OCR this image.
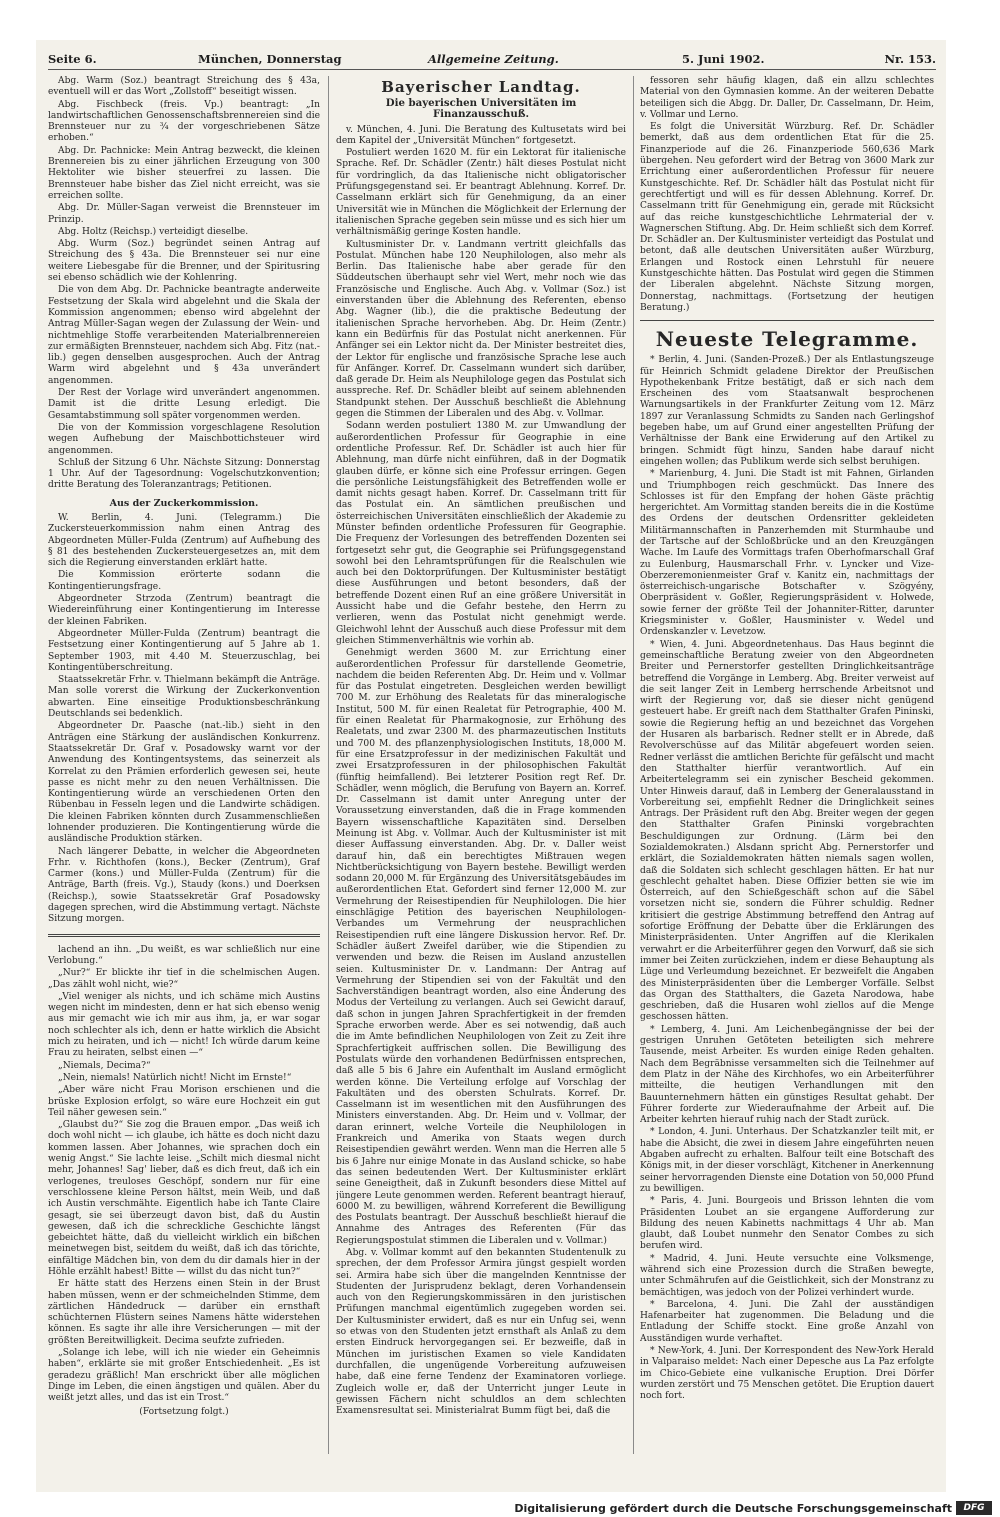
Seite 6.	München, Donnerstag	Allgemeine Zeitung.	5. Juni 1902.	Nr. 153.

Abg. Warm (Soz.) beantragt Streichung des § 43a, eventuell will er das Wort „Zollstoff“ beseitigt wissen.

Abg. Fischbeck (freis. Vp.) beantragt: „In landwirtschaftlichen Genossenschaftsbrennereien sind die Brennsteuer nur zu ¾ der vorgeschriebenen Sätze erhoben.“

Abg. Dr. Pachnicke: Mein Antrag bezweckt, die kleinen Brennereien bis zu einer jährlichen Erzeugung von 300 Hektoliter wie bisher steuerfrei zu lassen. Die Brennsteuer habe bisher das Ziel nicht erreicht, was sie erreichen sollte.

Abg. Dr. Müller-Sagan verweist die Brennsteuer im Prinzip.

Abg. Holtz (Reichsp.) verteidigt dieselbe.

Abg. Wurm (Soz.) begründet seinen Antrag auf Streichung des § 43a. Die Brennsteuer sei nur eine weitere Liebesgabe für die Brenner, und der Spiritusring sei ebenso schädlich wie der Kohlenring.

Die von dem Abg. Dr. Pachnicke beantragte anderweite Festsetzung der Skala wird abgelehnt und die Skala der Kommission angenommen; ebenso wird abgelehnt der Antrag Müller-Sagan wegen der Zulassung der Wein- und nichtmehlige Stoffe verarbeitenden Materialbrennereien zur ermäßigten Brennsteuer, nachdem sich Abg. Fitz (nat.-lib.) gegen denselben ausgesprochen. Auch der Antrag Warm wird abgelehnt und § 43a unverändert angenommen.

Der Rest der Vorlage wird unverändert angenommen. Damit ist die dritte Lesung erledigt. Die Gesamtabstimmung soll später vorgenommen werden.

Die von der Kommission vorgeschlagene Resolution wegen Aufhebung der Maischbottichsteuer wird angenommen.

Schluß der Sitzung 6 Uhr. Nächste Sitzung: Donnerstag 1 Uhr. Auf der Tagesordnung: Vogelschutzkonvention; dritte Beratung des Toleranzantrags; Petitionen.

Aus der Zuckerkommission.

W. Berlin, 4. Juni. (Telegramm.) Die Zuckersteuerkommission nahm einen Antrag des Abgeordneten Müller-Fulda (Zentrum) auf Aufhebung des § 81 des bestehenden Zuckersteuergesetzes an, mit dem sich die Regierung einverstanden erklärt hatte.

Die Kommission erörterte sodann die Kontingentierungsfrage.

Abgeordneter Strzoda (Zentrum) beantragt die Wiedereinführung einer Kontingentierung im Interesse der kleinen Fabriken.

Abgeordneter Müller-Fulda (Zentrum) beantragt die Festsetzung einer Kontingentierung auf 5 Jahre ab 1. September 1903, mit 4.40 M. Steuerzuschlag, bei Kontingentüberschreitung.

Staatssekretär Frhr. v. Thielmann bekämpft die Anträge. Man solle vorerst die Wirkung der Zuckerkonvention abwarten. Eine einseitige Produktionsbeschränkung Deutschlands sei bedenklich.

Abgeordneter Dr. Paasche (nat.-lib.) sieht in den Anträgen eine Stärkung der ausländischen Konkurrenz. Staatssekretär Dr. Graf v. Posadowsky warnt vor der Anwendung des Kontingentsystems, das seinerzeit als Korrelat zu den Prämien erforderlich gewesen sei, heute passe es nicht mehr zu den neuen Verhältnissen. Die Kontingentierung würde an verschiedenen Orten den Rübenbau in Fesseln legen und die Landwirte schädigen. Die kleinen Fabriken könnten durch Zusammenschließen lohnender produzieren. Die Kontingentierung würde die ausländische Produktion stärken.

Nach längerer Debatte, in welcher die Abgeordneten Frhr. v. Richthofen (kons.), Becker (Zentrum), Graf Carmer (kons.) und Müller-Fulda (Zentrum) für die Anträge, Barth (freis. Vg.), Staudy (kons.) und Doerksen (Reichsp.), sowie Staatssekretär Graf Posadowsky dagegen sprechen, wird die Abstimmung vertagt. Nächste Sitzung morgen.

lachend an ihn. „Du weißt, es war schließlich nur eine Verlobung.“

„Nur?“ Er blickte ihr tief in die schelmischen Augen. „Das zählt wohl nicht, wie?“

„Viel weniger als nichts, und ich schäme mich Austins wegen nicht im mindesten, denn er hat sich ebenso wenig aus mir gemacht wie ich mir aus ihm, ja, er war sogar noch schlechter als ich, denn er hatte wirklich die Absicht mich zu heiraten, und ich — nicht! Ich würde darum keine Frau zu heiraten, selbst einen —“

„Niemals, Decima?“

„Nein, niemals! Natürlich nicht! Nicht im Ernste!“

„Aber wäre nicht Frau Morison erschienen und die brüske Explosion erfolgt, so wäre eure Hochzeit ein gut Teil näher gewesen sein.“

„Glaubst du?“ Sie zog die Brauen empor. „Das weiß ich doch wohl nicht — ich glaube, ich hätte es doch nicht dazu kommen lassen. Aber Johannes, wie sprachen doch ein wenig Angst.“ Sie lachte leise. „Schilt mich diesmal nicht mehr, Johannes! Sag' lieber, daß es dich freut, daß ich ein verlogenes, treuloses Geschöpf, sondern nur für eine verschlossene kleine Person hältst, mein Weib, und daß ich Austin verschmähte. Eigentlich habe ich Tante Claire gesagt, sie sei überzeugt davon bist, daß du Austin gewesen, daß ich die schreckliche Geschichte längst gebeichtet hätte, daß du vielleicht wirklich ein bißchen meinetwegen bist, seitdem du weißt, daß ich das törichte, einfältige Mädchen bin, von dem du dir damals hier in der Höhle erzählt habest! Bitte — willst du das nicht tun?“

Er hätte statt des Herzens einen Stein in der Brust haben müssen, wenn er der schmeichelnden Stimme, dem zärtlichen Händedruck — darüber ein ernsthaft schüchternen Flüstern seines Namens hätte widerstehen können. Es sagte ihr alle ihre Versicherungen — mit der größten Bereitwilligkeit. Decima seufzte zufrieden.

„Solange ich lebe, will ich nie wieder ein Geheimnis haben“, erklärte sie mit großer Entschiedenheit. „Es ist geradezu gräßlich! Man erschrickt über alle möglichen Dinge im Leben, die einen ängstigen und quälen. Aber du weißt jetzt alles, und das ist ein Trost.“

(Fortsetzung folgt.)

Bayerischer Landtag.

Die bayerischen Universitäten im Finanzausschuß.

v. München, 4. Juni. Die Beratung des Kultusetats wird bei dem Kapitel der „Universität München“ fortgesetzt.

Postuliert werden 1620 M. für ein Lektorat für italienische Sprache. Ref. Dr. Schädler (Zentr.) hält dieses Postulat nicht für vordringlich, da das Italienische nicht obligatorischer Prüfungsgegenstand sei. Er beantragt Ablehnung. Korref. Dr. Casselmann erklärt sich für Genehmigung, da an einer Universität wie in München die Möglichkeit der Erlernung der italienischen Sprache gegeben sein müsse und es sich hier um verhältnismäßig geringe Kosten handle.

Kultusminister Dr. v. Landmann vertritt gleichfalls das Postulat. München habe 120 Neuphilologen, also mehr als Berlin. Das Italienische habe aber gerade für den Süddeutschen überhaupt sehr viel Wert, mehr noch wie das Französische und Englische. Auch Abg. v. Vollmar (Soz.) ist einverstanden über die Ablehnung des Referenten, ebenso Abg. Wagner (lib.), die die praktische Bedeutung der italienischen Sprache hervorheben. Abg. Dr. Heim (Zentr.) kann ein Bedürfnis für das Postulat nicht anerkennen. Für Anfänger sei ein Lektor nicht da. Der Minister bestreitet dies, der Lektor für englische und französische Sprache lese auch für Anfänger. Korref. Dr. Casselmann wundert sich darüber, daß gerade Dr. Heim als Neuphilologe gegen das Postulat sich ausspreche. Ref. Dr. Schädler bleibt auf seinem ablehnenden Standpunkt stehen. Der Ausschuß beschließt die Ablehnung gegen die Stimmen der Liberalen und des Abg. v. Vollmar.

Sodann werden postuliert 1380 M. zur Umwandlung der außerordentlichen Professur für Geographie in eine ordentliche Professur. Ref. Dr. Schädler ist auch hier für Ablehnung, man dürfe nicht einführen, daß in der Dogmatik glauben dürfe, er könne sich eine Professur erringen. Gegen die persönliche Leistungsfähigkeit des Betreffenden wolle er damit nichts gesagt haben. Korref. Dr. Casselmann tritt für das Postulat ein. An sämtlichen preußischen und österreichischen Universitäten einschließlich der Akademie zu Münster befinden ordentliche Professuren für Geographie. Die Frequenz der Vorlesungen des betreffenden Dozenten sei fortgesetzt sehr gut, die Geographie sei Prüfungsgegenstand sowohl bei den Lehramtsprüfungen für die Realschulen wie auch bei den Doktorprüfungen. Der Kultusminister bestätigt diese Ausführungen und betont besonders, daß der betreffende Dozent einen Ruf an eine größere Universität in Aussicht habe und die Gefahr bestehe, den Herrn zu verlieren, wenn das Postulat nicht genehmigt werde. Gleichwohl lehnt der Ausschuß auch diese Professur mit dem gleichen Stimmenverhältnis wie vorhin ab.

Genehmigt werden 3600 M. zur Errichtung einer außerordentlichen Professur für darstellende Geometrie, nachdem die beiden Referenten Abg. Dr. Heim und v. Vollmar für das Postulat eingetreten. Desgleichen werden bewilligt 700 M. zur Erhöhung des Realetats für das mineralogische Institut, 500 M. für einen Realetat für Petrographie, 400 M. für einen Realetat für Pharmakognosie, zur Erhöhung des Realetats, und zwar 2300 M. des pharmazeutischen Instituts und 700 M. des pflanzenphysiologischen Instituts, 18,000 M. für eine Ersatzprofessur in der medizinischen Fakultät und zwei Ersatzprofessuren in der philosophischen Fakultät (fünftig heimfallend). Bei letzterer Position regt Ref. Dr. Schädler, wenn möglich, die Berufung von Bayern an. Korref. Dr. Casselmann ist damit unter Anregung unter der Voraussetzung einverstanden, daß die in Frage kommenden Bayern wissenschaftliche Kapazitäten sind. Derselben Meinung ist Abg. v. Vollmar. Auch der Kultusminister ist mit dieser Auffassung einverstanden. Abg. Dr. v. Daller weist darauf hin, daß ein berechtigtes Mißtrauen wegen Nichtberücksichtigung von Bayern bestehe. Bewilligt werden sodann 20,000 M. für Ergänzung des Universitätsgebäudes im außerordentlichen Etat. Gefordert sind ferner 12,000 M. zur Vermehrung der Reisestipendien für Neuphilologen. Die hier einschlägige Petition des bayerischen Neuphilologen-Verbandes um Vermehrung der neusprachlichen Reisestipendien ruft eine längere Diskussion hervor. Ref. Dr. Schädler äußert Zweifel darüber, wie die Stipendien zu verwenden und bezw. die Reisen im Ausland anzustellen seien. Kultusminister Dr. v. Landmann: Der Antrag auf Vermehrung der Stipendien sei von der Fakultät und den Sachverständigen beantragt worden, also eine Änderung des Modus der Verteilung zu verlangen. Auch sei Gewicht darauf, daß schon in jungen Jahren Sprachfertigkeit in der fremden Sprache erworben werde. Aber es sei notwendig, daß auch die im Amte befindlichen Neuphilologen von Zeit zu Zeit ihre Sprachfertigkeit auffrischen sollen. Die Bewilligung des Postulats würde den vorhandenen Bedürfnissen entsprechen, daß alle 5 bis 6 Jahre ein Aufenthalt im Ausland ermöglicht werden könne. Die Verteilung erfolge auf Vorschlag der Fakultäten und des obersten Schulrats. Korref. Dr. Casselmann ist im wesentlichen mit den Ausführungen des Ministers einverstanden. Abg. Dr. Heim und v. Vollmar, der daran erinnert, welche Vorteile die Neuphilologen in Frankreich und Amerika von Staats wegen durch Reisestipendien gewährt werden. Wenn man die Herren alle 5 bis 6 Jahre nur einige Monate in das Ausland schicke, so habe das seinen bedeutenden Wert. Der Kultusminister erklärt seine Geneigtheit, daß in Zukunft besonders diese Mittel auf jüngere Leute genommen werden. Referent beantragt hierauf, 6000 M. zu bewilligen, während Korreferent die Bewilligung des Postulats beantragt. Der Ausschuß beschließt hierauf die Annahme des Antrages des Referenten (Für das Regierungspostulat stimmen die Liberalen und v. Vollmar.)

Abg. v. Vollmar kommt auf den bekannten Studentenulk zu sprechen, der dem Professor Armira jüngst gespielt worden sei. Armira habe sich über die mangelnden Kenntnisse der Studenten der Jurisprudenz beklagt, deren Vorhandensein auch von den Regierungskommissären in den juristischen Prüfungen manchmal eigentümlich zugegeben worden sei. Der Kultusminister erwidert, daß es nur ein Unfug sei, wenn so etwas von den Studenten jetzt ernsthaft als Anlaß zu dem ersten Eindruck hervorgegangen sei. Er bezweifle, daß in München im juristischen Examen so viele Kandidaten durchfallen, die ungenügende Vorbereitung aufzuweisen habe, daß eine ferne Tendenz der Examinatoren vorliege. Zugleich wolle er, daß der Unterricht junger Leute in gewissen Fächern nicht schuldlos an dem schlechten Examensresultat sei. Ministerialrat Bumm fügt bei, daß die

fessoren sehr häufig klagen, daß ein allzu schlechtes Material von den Gymnasien komme. An der weiteren Debatte beteiligen sich die Abgg. Dr. Daller, Dr. Casselmann, Dr. Heim, v. Vollmar und Lerno.

Es folgt die Universität Würzburg. Ref. Dr. Schädler bemerkt, daß aus dem ordentlichen Etat für die 25. Finanzperiode auf die 26. Finanzperiode 560,636 Mark übergehen. Neu gefordert wird der Betrag von 3600 Mark zur Errichtung einer außerordentlichen Professur für neuere Kunstgeschichte. Ref. Dr. Schädler hält das Postulat nicht für gerechtfertigt und will es für dessen Ablehnung. Korref. Dr. Casselmann tritt für Genehmigung ein, gerade mit Rücksicht auf das reiche kunstgeschichtliche Lehrmaterial der v. Wagnerschen Stiftung. Abg. Dr. Heim schließt sich dem Korref. Dr. Schädler an. Der Kultusminister verteidigt das Postulat und betont, daß alle deutschen Universitäten außer Würzburg, Erlangen und Rostock einen Lehrstuhl für neuere Kunstgeschichte hätten. Das Postulat wird gegen die Stimmen der Liberalen abgelehnt. Nächste Sitzung morgen, Donnerstag, nachmittags. (Fortsetzung der heutigen Beratung.)

Neueste Telegramme.

* Berlin, 4. Juni. (Sanden-Prozeß.) Der als Entlastungszeuge für Heinrich Schmidt geladene Direktor der Preußischen Hypothekenbank Fritze bestätigt, daß er sich nach dem Erscheinen des vom Staatsanwalt besprochenen Warnungsartikels in der Frankfurter Zeitung vom 12. März 1897 zur Veranlassung Schmidts zu Sanden nach Gerlingshof begeben habe, um auf Grund einer angestellten Prüfung der Verhältnisse der Bank eine Erwiderung auf den Artikel zu bringen. Schmidt fügt hinzu, Sanden habe darauf nicht eingehen wollen; das Publikum werde sich selbst beruhigen.

* Marienburg, 4. Juni. Die Stadt ist mit Fahnen, Girlanden und Triumphbogen reich geschmückt. Das Innere des Schlosses ist für den Empfang der hohen Gäste prächtig hergerichtet. Am Vormittag standen bereits die in die Kostüme des Ordens der deutschen Ordensritter gekleideten Militärmannschaften in Panzerhemden mit Sturmhaube und der Tartsche auf der Schloßbrücke und an den Kreuzgängen Wache. Im Laufe des Vormittags trafen Oberhofmarschall Graf zu Eulenburg, Hausmarschall Frhr. v. Lyncker und Vize-Oberzeremonienmeister Graf v. Kanitz ein, nachmittags der österreichisch-ungarische Botschafter v. Szögyény, Oberpräsident v. Goßler, Regierungspräsident v. Holwede, sowie ferner der größte Teil der Johanniter-Ritter, darunter Kriegsminister v. Goßler, Hausminister v. Wedel und Ordenskanzler v. Levetzow.

* Wien, 4. Juni. Abgeordnetenhaus. Das Haus beginnt die gemeinschaftliche Beratung zweier von den Abgeordneten Breiter und Pernerstorfer gestellten Dringlichkeitsanträge betreffend die Vorgänge in Lemberg. Abg. Breiter verweist auf die seit langer Zeit in Lemberg herrschende Arbeitsnot und wirft der Regierung vor, daß sie dieser nicht genügend gesteuert habe. Er greift nach dem Statthalter Grafen Pininski, sowie die Regierung heftig an und bezeichnet das Vorgehen der Husaren als barbarisch. Redner stellt er in Abrede, daß Revolverschüsse auf das Militär abgefeuert worden seien. Redner verlässt die amtlichen Berichte für gefälscht und macht den Statthalter hierfür verantwortlich. Auf ein Arbeitertelegramm sei ein zynischer Bescheid gekommen. Unter Hinweis darauf, daß in Lemberg der Generalausstand in Vorbereitung sei, empfiehlt Redner die Dringlichkeit seines Antrags. Der Präsident ruft den Abg. Breiter wegen der gegen den Statthalter Grafen Pininski vorgebrachten Beschuldigungen zur Ordnung. (Lärm bei den Sozialdemokraten.) Alsdann spricht Abg. Pernerstorfer und erklärt, die Sozialdemokraten hätten niemals sagen wollen, daß die Soldaten sich schlecht geschlagen hätten. Er hat nur geschlecht gehaltet haben. Diese Offizier betten sie wie im Österreich, auf den Schießgeschäft schon auf die Säbel vorsetzen nicht sie, sondern die Führer schuldig. Redner kritisiert die gestrige Abstimmung betreffend den Antrag auf sofortige Eröffnung der Debatte über die Erklärungen des Ministerpräsidenten. Unter Angriffen auf die Klerikalen verwahrt er die Arbeiterführer gegen den Vorwurf, daß sie sich immer bei Zeiten zurückziehen, indem er diese Behauptung als Lüge und Verleumdung bezeichnet. Er bezweifelt die Angaben des Ministerpräsidenten über die Lemberger Vorfälle. Selbst das Organ des Statthalters, die Gazeta Narodowa, habe geschrieben, daß die Husaren wohl ziellos auf die Menge geschossen hätten.

* Lemberg, 4. Juni. Am Leichenbegängnisse der bei der gestrigen Unruhen Getöteten beteiligten sich mehrere Tausende, meist Arbeiter. Es wurden einige Reden gehalten. Nach dem Begräbnisse versammelten sich die Teilnehmer auf dem Platz in der Nähe des Kirchhofes, wo ein Arbeiterführer mitteilte, die heutigen Verhandlungen mit den Bauunternehmern hätten ein günstiges Resultat gehabt. Der Führer forderte zur Wiederaufnahme der Arbeit auf. Die Arbeiter kehrten hierauf ruhig nach der Stadt zurück.

* London, 4. Juni. Unterhaus. Der Schatzkanzler teilt mit, er habe die Absicht, die zwei in diesem Jahre eingeführten neuen Abgaben aufrecht zu erhalten. Balfour teilt eine Botschaft des Königs mit, in der dieser vorschlägt, Kitchener in Anerkennung seiner hervorragenden Dienste eine Dotation von 50,000 Pfund zu bewilligen.

* Paris, 4. Juni. Bourgeois und Brisson lehnten die vom Präsidenten Loubet an sie ergangene Aufforderung zur Bildung des neuen Kabinetts nachmittags 4 Uhr ab. Man glaubt, daß Loubet nunmehr den Senator Combes zu sich berufen wird.

* Madrid, 4. Juni. Heute versuchte eine Volksmenge, während sich eine Prozession durch die Straßen bewegte, unter Schmährufen auf die Geistlichkeit, sich der Monstranz zu bemächtigen, was jedoch von der Polizei verhindert wurde.

* Barcelona, 4. Juni. Die Zahl der ausständigen Hafenarbeiter hat zugenommen. Die Beladung und die Entladung der Schiffe stockt. Eine große Anzahl von Ausständigen wurde verhaftet.

* New-York, 4. Juni. Der Korrespondent des New-York Herald in Valparaiso meldet: Nach einer Depesche aus La Paz erfolgte im Chico-Gebiete eine vulkanische Eruption. Drei Dörfer wurden zerstört und 75 Menschen getötet. Die Eruption dauert noch fort.

Digitalisierung gefördert durch die Deutsche Forschungsgemeinschaft	DFG
